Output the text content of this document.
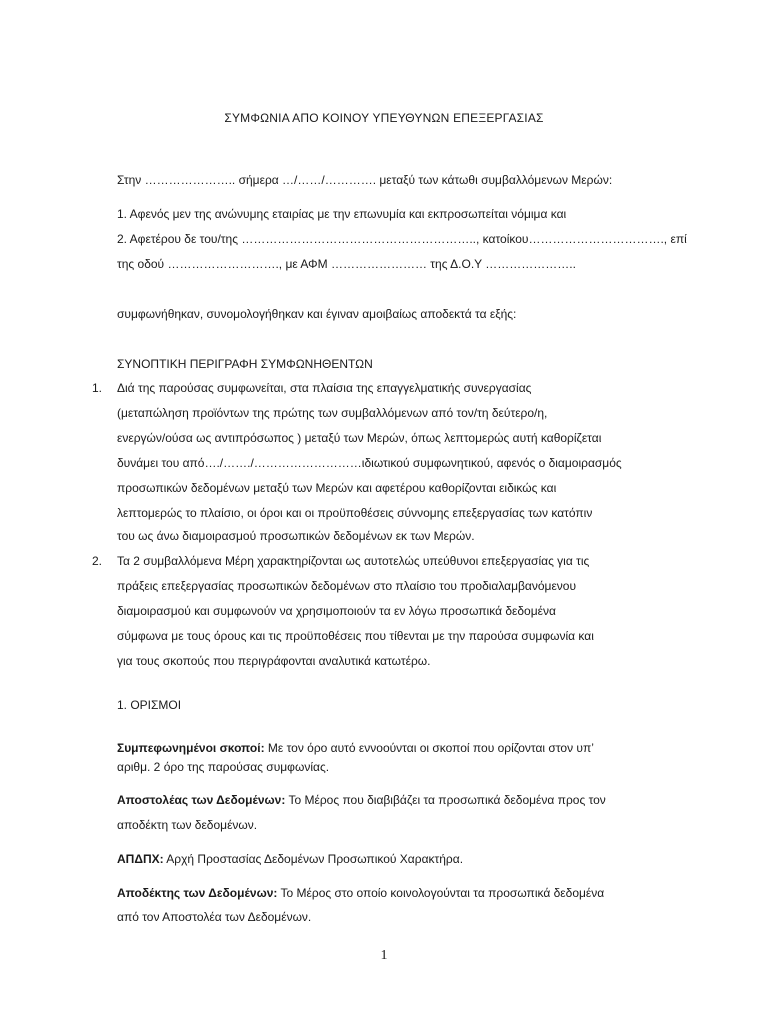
ΣΥΜΦΩΝΙΑ ΑΠΟ ΚΟΙΝΟΥ ΥΠΕΥΘΥΝΩΝ ΕΠΕΞΕΡΓΑΣΙΑΣ
Στην ………………….. σήμερα …/……/…………. μεταξύ των κάτωθι συμβαλλόμενων Μερών:
1. Αφενός μεν της ανώνυμης εταιρίας με την επωνυμία και εκπροσωπείται νόμιμα και
2. Αφετέρου δε του/της ………………………………………………….., κατοίκου……………………………., επί
της οδού ………………………., με ΑΦΜ …………………… της Δ.Ο.Υ …………………..
συμφωνήθηκαν, συνομολογήθηκαν και έγιναν αμοιβαίως αποδεκτά τα εξής:
ΣΥΝΟΠΤΙΚΗ ΠΕΡΙΓΡΑΦΗ ΣΥΜΦΩΝΗΘΕΝΤΩΝ
1. Διά της παρούσας συμφωνείται, στα πλαίσια της επαγγελματικής συνεργασίας
(μεταπώληση προϊόντων της πρώτης των συμβαλλόμενων από τον/τη δεύτερο/η,
ενεργών/ούσα ως αντιπρόσωπος ) μεταξύ των Μερών, όπως λεπτομερώς αυτή καθορίζεται
δυνάμει του από…./……./………………………ιδιωτικού συμφωνητικού, αφενός ο διαμοιρασμός
προσωπικών δεδομένων μεταξύ των Μερών και αφετέρου καθορίζονται ειδικώς και
λεπτομερώς το πλαίσιο, οι όροι και οι προϋποθέσεις σύννομης επεξεργασίας των κατόπιν
του ως άνω διαμοιρασμού προσωπικών δεδομένων εκ των Μερών.
2. Τα 2 συμβαλλόμενα Μέρη χαρακτηρίζονται ως αυτοτελώς υπεύθυνοι επεξεργασίας για τις
πράξεις επεξεργασίας προσωπικών δεδομένων στο πλαίσιο του προδιαλαμβανόμενου
διαμοιρασμού και συμφωνούν να χρησιμοποιούν τα εν λόγω προσωπικά δεδομένα
σύμφωνα με τους όρους και τις προϋποθέσεις που τίθενται με την παρούσα συμφωνία και
για τους σκοπούς που περιγράφονται αναλυτικά κατωτέρω.
1. ΟΡΙΣΜΟΙ
Συμπεφωνημένοι σκοποί: Με τον όρο αυτό εννοούνται οι σκοποί που ορίζονται στον υπ’
αριθμ. 2 όρο της παρούσας συμφωνίας.
Αποστολέας των Δεδομένων: Το Μέρος που διαβιβάζει τα προσωπικά δεδομένα προς τον
αποδέκτη των δεδομένων.
ΑΠΔΠΧ: Αρχή Προστασίας Δεδομένων Προσωπικού Χαρακτήρα.
Αποδέκτης των Δεδομένων: Το Μέρος στο οποίο κοινολογούνται τα προσωπικά δεδομένα
από τον Αποστολέα των Δεδομένων.
1
